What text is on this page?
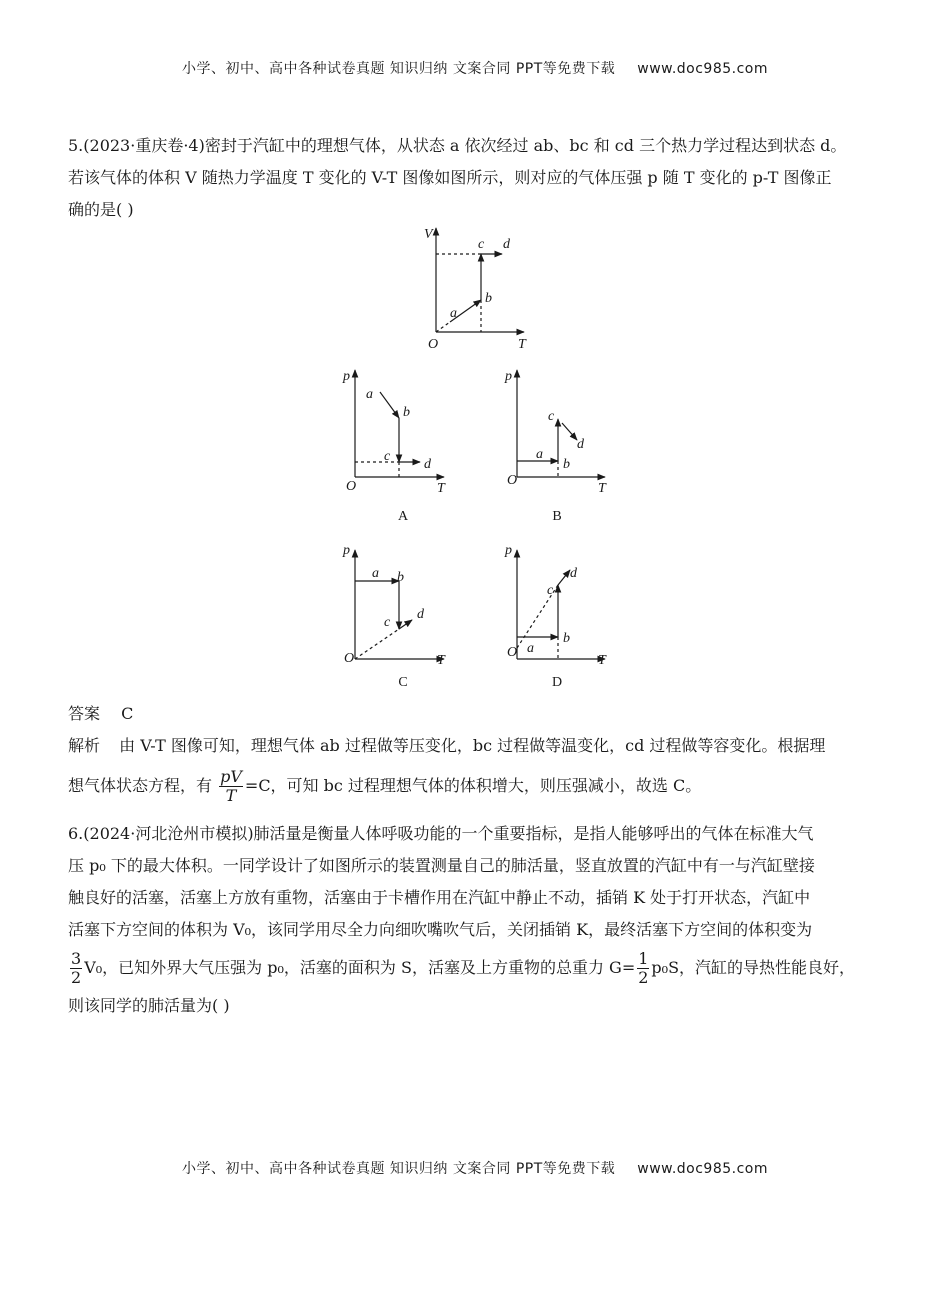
小学、初中、高中各种试卷真题 知识归纳 文案合同 PPT等免费下载 www.doc985.com
5.(2023·重庆卷·4)密封于汽缸中的理想气体，从状态 a 依次经过 ab、bc 和 cd 三个热力学过程达到状态 d。
若该气体的体积 V 随热力学温度 T 变化的 V-T 图像如图所示，则对应的气体压强 p 随 T 变化的 p-T 图像正
确的是( )
V
T
O
a
b
c d
p
T
O
a
b
c
d
p
T
O
a
b
c
d
p
T
O
a b
c
d
p
T
O a
b
c
d
A	B
C	D
答案 C
解析 由 V-T 图像可知，理想气体 ab 过程做等压变化，bc 过程做等温变化，cd 过程做等容变化。根据理
想气体状态方程，有 $\frac{pV}{T} =C$，可知 bc 过程理想气体的体积增大，则压强减小，故选 C。
6.(2024·河北沧州市模拟)肺活量是衡量人体呼吸功能的一个重要指标，是指人能够呼出的气体在标准大气
压 p₀ 下的最大体积。一同学设计了如图所示的装置测量自己的肺活量，竖直放置的汽缸中有一与汽缸壁接
触良好的活塞，活塞上方放有重物，活塞由于卡槽作用在汽缸中静止不动，插销 K 处于打开状态，汽缸中
活塞下方空间的体积为 V₀，该同学用尽全力向细吹嘴吹气后，关闭插销 K，最终活塞下方空间的体积变为
$\frac{3}{2} V_0$，已知外界大气压强为 p₀，活塞的面积为 S，活塞及上方重物的总重力 $G= \frac{1}{2} p_0S$，汽缸的导热性能良好，
则该同学的肺活量为( )
小学、初中、高中各种试卷真题 知识归纳 文案合同 PPT等免费下载 www.doc985.com
